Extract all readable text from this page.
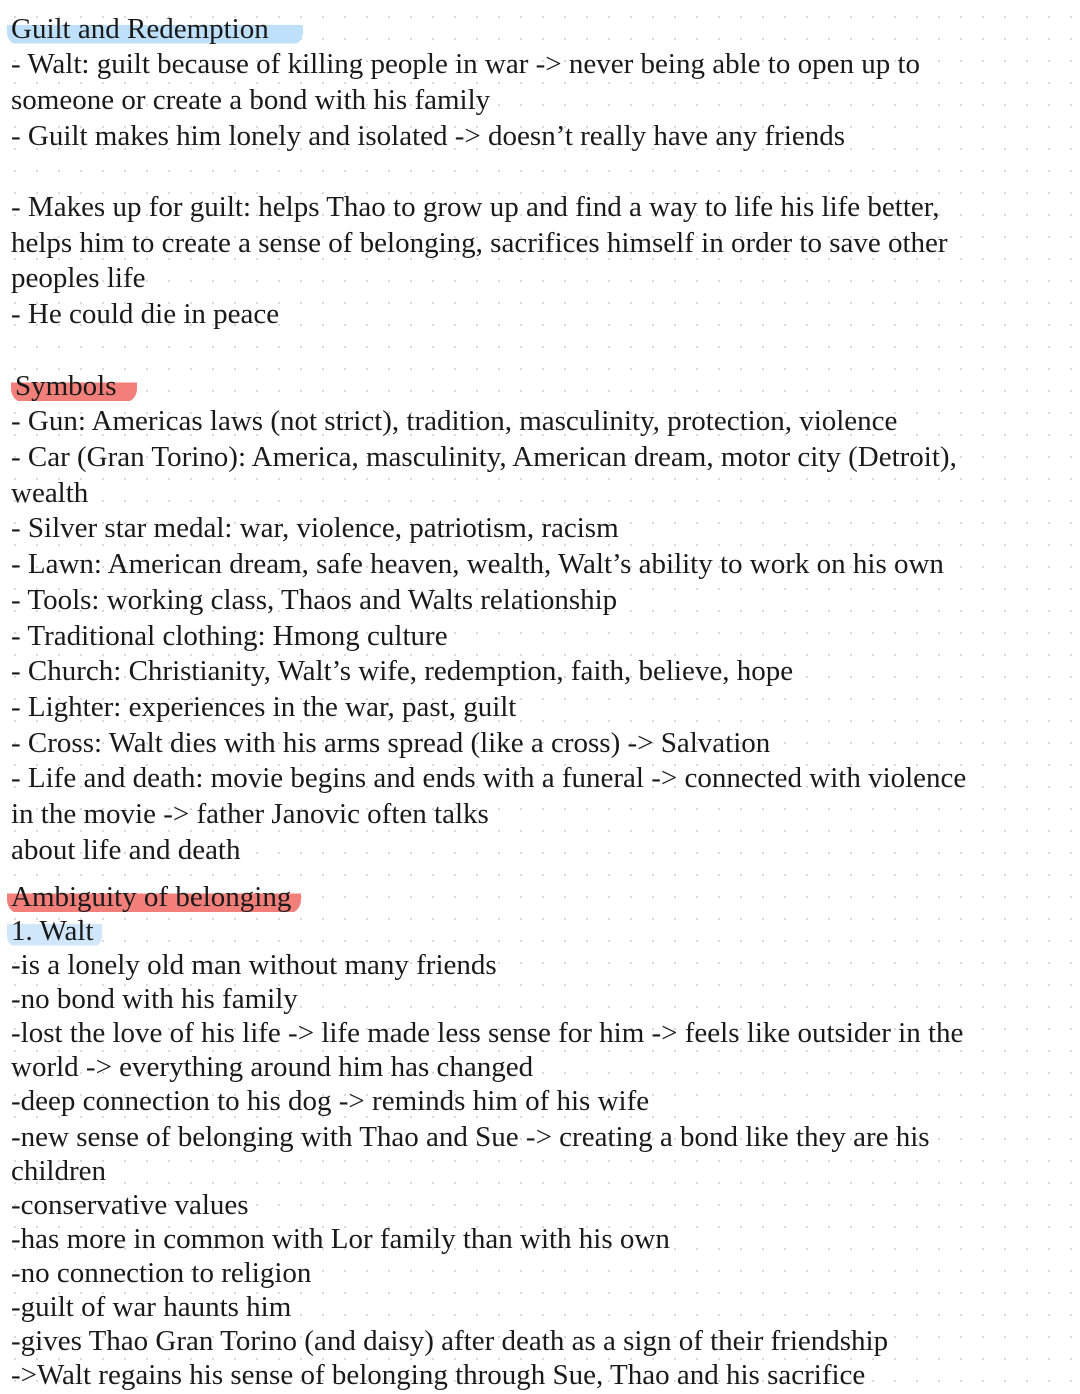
Guilt and Redemption

- Walt: guilt because of killing people in war -> never being able to open up to

someone or create a bond with his family

- Guilt makes him lonely and isolated -> doesn’t really have any friends

- Makes up for guilt: helps Thao to grow up and find a way to life his life better,

helps him to create a sense of belonging, sacrifices himself in order to save other

peoples life

- He could die in peace

Symbols

- Gun: Americas laws (not strict), tradition, masculinity, protection, violence

- Car (Gran Torino): America, masculinity, American dream, motor city (Detroit),

wealth

- Silver star medal: war, violence, patriotism, racism

- Lawn: American dream, safe heaven, wealth, Walt’s ability to work on his own

- Tools: working class, Thaos and Walts relationship

- Traditional clothing: Hmong culture

- Church: Christianity, Walt’s wife, redemption, faith, believe, hope

- Lighter: experiences in the war, past, guilt

- Cross: Walt dies with his arms spread (like a cross) -> Salvation

- Life and death: movie begins and ends with a funeral -> connected with violence

in the movie -> father Janovic often talks

about life and death

Ambiguity of belonging
1. Walt

-is a lonely old man without many friends

-no bond with his family

-lost the love of his life -> life made less sense for him -> feels like outsider in the

world -> everything around him has changed

-deep connection to his dog -> reminds him of his wife

-new sense of belonging with Thao and Sue -> creating a bond like they are his

children

-conservative values

-has more in common with Lor family than with his own

-no connection to religion

-guilt of war haunts him

-gives Thao Gran Torino (and daisy) after death as a sign of their friendship

->Walt regains his sense of belonging through Sue, Thao and his sacrifice
